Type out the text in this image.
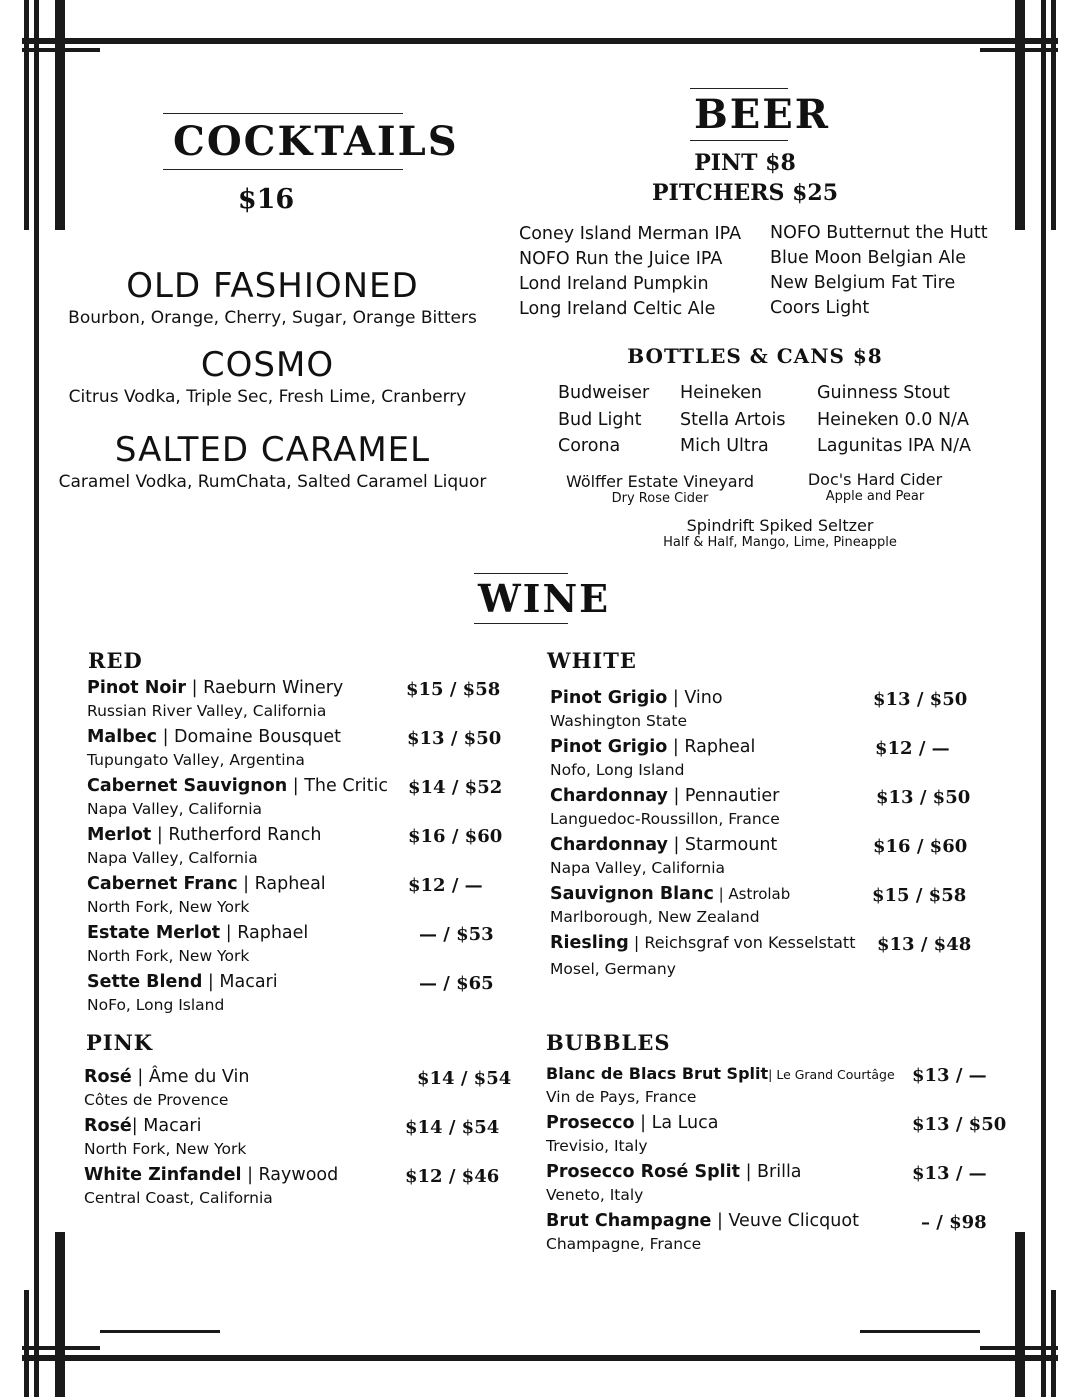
COCKTAILS
$16
OLD FASHIONED
Bourbon, Orange, Cherry, Sugar, Orange Bitters
COSMO
Citrus Vodka, Triple Sec, Fresh Lime, Cranberry
SALTED CARAMEL
Caramel Vodka, RumChata, Salted Caramel Liquor
BEER
PINT $8
PITCHERS $25
Coney Island Merman IPA
NOFO Run the Juice IPA
Lond Ireland Pumpkin
Long Ireland Celtic Ale
NOFO Butternut the Hutt
Blue Moon Belgian Ale
New Belgium Fat Tire
Coors Light
BOTTLES & CANS $8
Budweiser
Bud Light
Corona
Heineken
Stella Artois
Mich Ultra
Guinness Stout
Heineken 0.0 N/A
Lagunitas IPA N/A
Wölffer Estate Vineyard
Dry Rose Cider
Doc's Hard Cider
Apple and Pear
Spindrift Spiked Seltzer
Half & Half, Mango, Lime, Pineapple
WINE
RED
Pinot Noir | Raeburn Winery
Russian River Valley, California
$15 / $58
Malbec | Domaine Bousquet
Tupungato Valley, Argentina
$13 / $50
Cabernet Sauvignon | The Critic
Napa Valley, California
$14 / $52
Merlot | Rutherford Ranch
Napa Valley, Calfornia
$16 / $60
Cabernet Franc | Rapheal
North Fork, New York
$12 / —
Estate Merlot | Raphael
North Fork, New York
— / $53
Sette Blend | Macari
NoFo, Long Island
— / $65
PINK
Rosé | Âme du Vin
Côtes de Provence
$14 / $54
Rosé| Macari
North Fork, New York
$14 / $54
White Zinfandel | Raywood
Central Coast, California
$12 / $46
WHITE
Pinot Grigio | Vino
Washington State
$13 / $50
Pinot Grigio | Rapheal
Nofo, Long Island
$12 / —
Chardonnay | Pennautier
Languedoc-Roussillon, France
$13 / $50
Chardonnay | Starmount
Napa Valley, California
$16 / $60
Sauvignon Blanc | Astrolab
Marlborough, New Zealand
$15 / $58
Riesling | Reichsgraf von Kesselstatt
Mosel, Germany
$13 / $48
BUBBLES
Blanc de Blacs Brut Split| Le Grand Courtâge
Vin de Pays, France
$13 / —
Prosecco | La Luca
Trevisio, Italy
$13 / $50
Prosecco Rosé Split | Brilla
Veneto, Italy
$13 / —
Brut Champagne | Veuve Clicquot
Champagne, France
– / $98
